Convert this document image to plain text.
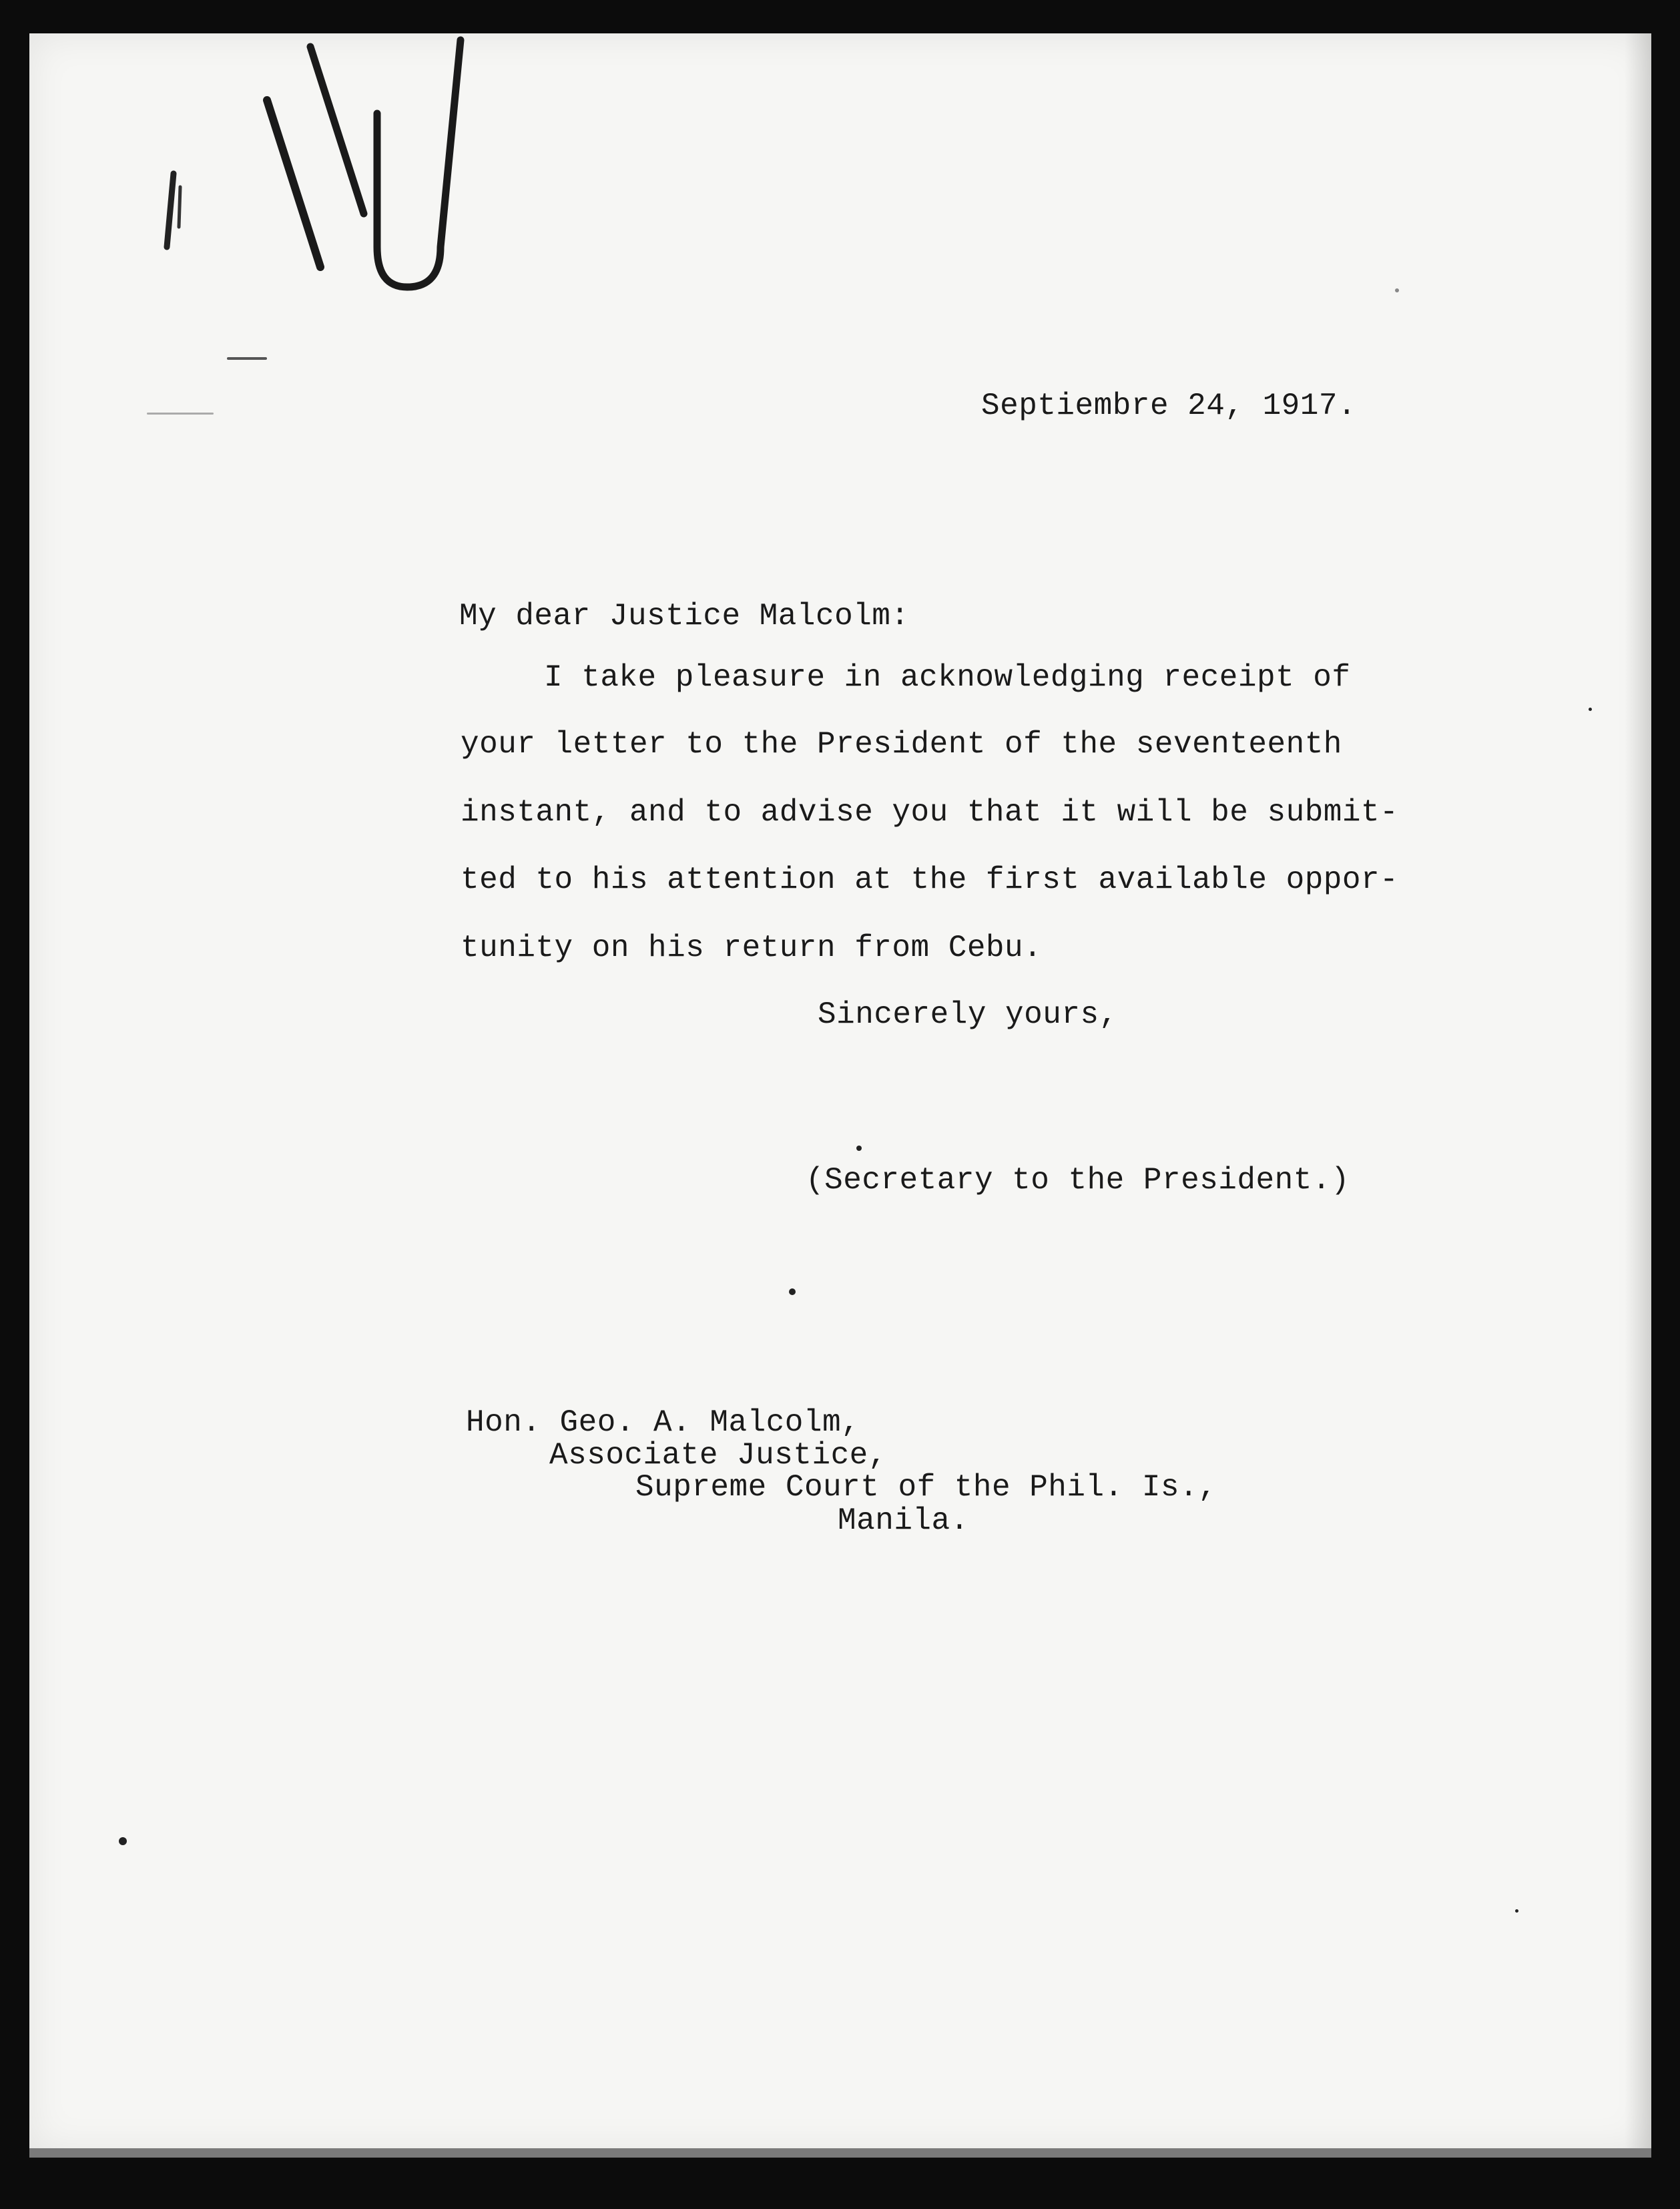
Septiembre 24, 1917.
My dear Justice Malcolm:
I take pleasure in acknowledging receipt of
your letter to the President of the seventeenth
instant, and to advise you that it will be submit-
ted to his attention at the first available oppor-
tunity on his return from Cebu.
Sincerely yours,
(Secretary to the President.)
Hon. Geo. A. Malcolm,
Associate Justice,
Supreme Court of the Phil. Is.,
Manila.
